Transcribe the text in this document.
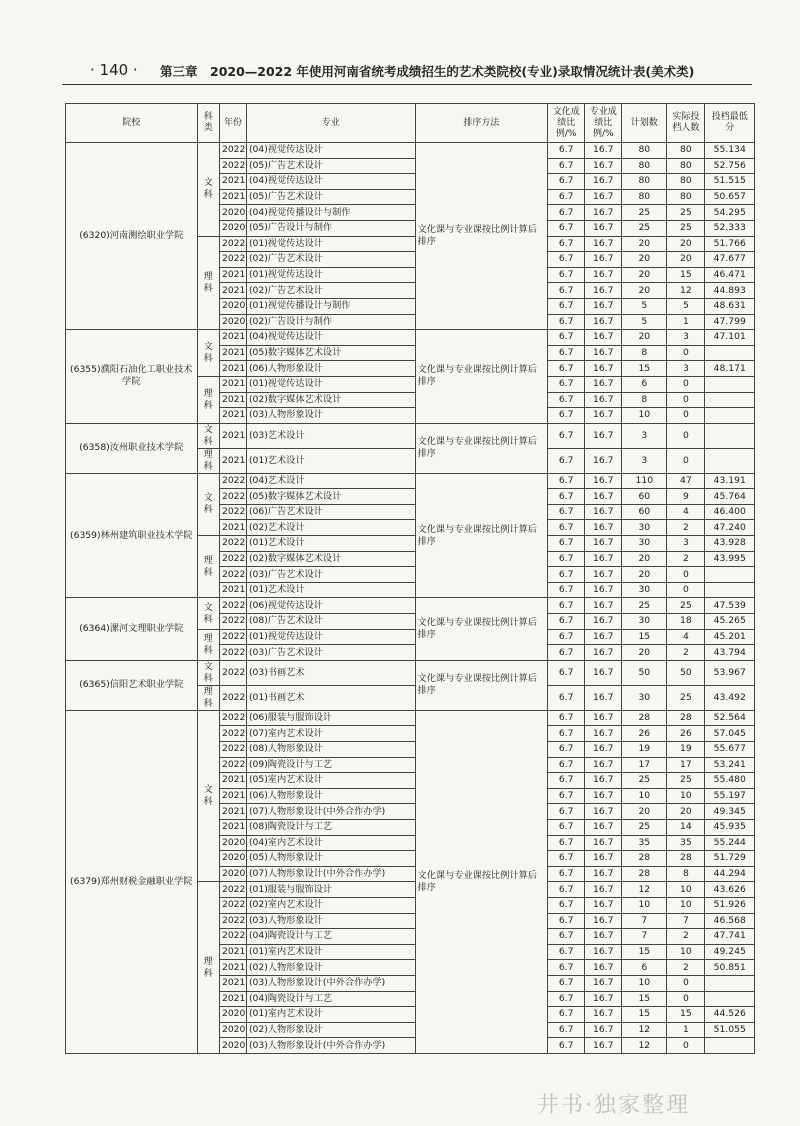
· 140 · 第三章　2020—2022 年使用河南省统考成绩招生的艺术类院校(专业)录取情况统计表(美术类)
院校	科类	年份	专业	排序方法	文化成绩比例/%	专业成绩比例/%	计划数	实际投档人数	投档最低分
(6320)河南测绘职业学院	文科	2022	(04)视觉传达设计	文化课与专业课按比例计算后排序	6.7	16.7	80	80	55.134
		2022	(05)广告艺术设计		6.7	16.7	80	80	52.756
		2021	(04)视觉传达设计		6.7	16.7	80	80	51.515
		2021	(05)广告艺术设计		6.7	16.7	80	80	50.657
		2020	(04)视觉传播设计与制作		6.7	16.7	25	25	54.295
		2020	(05)广告设计与制作		6.7	16.7	25	25	52.333
	理科	2022	(01)视觉传达设计		6.7	16.7	20	20	51.766
		2022	(02)广告艺术设计		6.7	16.7	20	20	47.677
		2021	(01)视觉传达设计		6.7	16.7	20	15	46.471
		2021	(02)广告艺术设计		6.7	16.7	20	12	44.893
		2020	(01)视觉传播设计与制作		6.7	16.7	5	5	48.631
		2020	(02)广告设计与制作		6.7	16.7	5	1	47.799
(6355)濮阳石油化工职业技术学院	文科	2021	(04)视觉传达设计	文化课与专业课按比例计算后排序	6.7	16.7	20	3	47.101
		2021	(05)数字媒体艺术设计		6.7	16.7	8	0	
		2021	(06)人物形象设计		6.7	16.7	15	3	48.171
	理科	2021	(01)视觉传达设计		6.7	16.7	6	0	
		2021	(02)数字媒体艺术设计		6.7	16.7	8	0	
		2021	(03)人物形象设计		6.7	16.7	10	0	
(6358)汝州职业技术学院	文科	2021	(03)艺术设计	文化课与专业课按比例计算后排序	6.7	16.7	3	0	
	理科	2021	(01)艺术设计		6.7	16.7	3	0	
(6359)林州建筑职业技术学院	文科	2022	(04)艺术设计	文化课与专业课按比例计算后排序	6.7	16.7	110	47	43.191
		2022	(05)数字媒体艺术设计		6.7	16.7	60	9	45.764
		2022	(06)广告艺术设计		6.7	16.7	60	4	46.400
		2021	(02)艺术设计		6.7	16.7	30	2	47.240
	理科	2022	(01)艺术设计		6.7	16.7	30	3	43.928
		2022	(02)数字媒体艺术设计		6.7	16.7	20	2	43.995
		2022	(03)广告艺术设计		6.7	16.7	20	0	
		2021	(01)艺术设计		6.7	16.7	30	0	
(6364)漯河文理职业学院	文科	2022	(06)视觉传达设计	文化课与专业课按比例计算后排序	6.7	16.7	25	25	47.539
		2022	(08)广告艺术设计		6.7	16.7	30	18	45.265
	理科	2022	(01)视觉传达设计		6.7	16.7	15	4	45.201
		2022	(03)广告艺术设计		6.7	16.7	20	2	43.794
(6365)信阳艺术职业学院	文科	2022	(03)书画艺术	文化课与专业课按比例计算后排序	6.7	16.7	50	50	53.967
	理科	2022	(01)书画艺术		6.7	16.7	30	25	43.492
(6379)郑州财税金融职业学院	文科	2022	(06)服装与服饰设计	文化课与专业课按比例计算后排序	6.7	16.7	28	28	52.564
		2022	(07)室内艺术设计		6.7	16.7	26	26	57.045
		2022	(08)人物形象设计		6.7	16.7	19	19	55.677
		2022	(09)陶瓷设计与工艺		6.7	16.7	17	17	53.241
		2021	(05)室内艺术设计		6.7	16.7	25	25	55.480
		2021	(06)人物形象设计		6.7	16.7	10	10	55.197
		2021	(07)人物形象设计(中外合作办学)		6.7	16.7	20	20	49.345
		2021	(08)陶瓷设计与工艺		6.7	16.7	25	14	45.935
		2020	(04)室内艺术设计		6.7	16.7	35	35	55.244
		2020	(05)人物形象设计		6.7	16.7	28	28	51.729
		2020	(07)人物形象设计(中外合作办学)		6.7	16.7	28	8	44.294
	理科	2022	(01)服装与服饰设计		6.7	16.7	12	10	43.626
		2022	(02)室内艺术设计		6.7	16.7	10	10	51.926
		2022	(03)人物形象设计		6.7	16.7	7	7	46.568
		2022	(04)陶瓷设计与工艺		6.7	16.7	7	2	47.741
		2021	(01)室内艺术设计		6.7	16.7	15	10	49.245
		2021	(02)人物形象设计		6.7	16.7	6	2	50.851
		2021	(03)人物形象设计(中外合作办学)		6.7	16.7	10	0	
		2021	(04)陶瓷设计与工艺		6.7	16.7	15	0	
		2020	(01)室内艺术设计		6.7	16.7	15	15	44.526
		2020	(02)人物形象设计		6.7	16.7	12	1	51.055
		2020	(03)人物形象设计(中外合作办学)		6.7	16.7	12	0	
井书·独家整理
